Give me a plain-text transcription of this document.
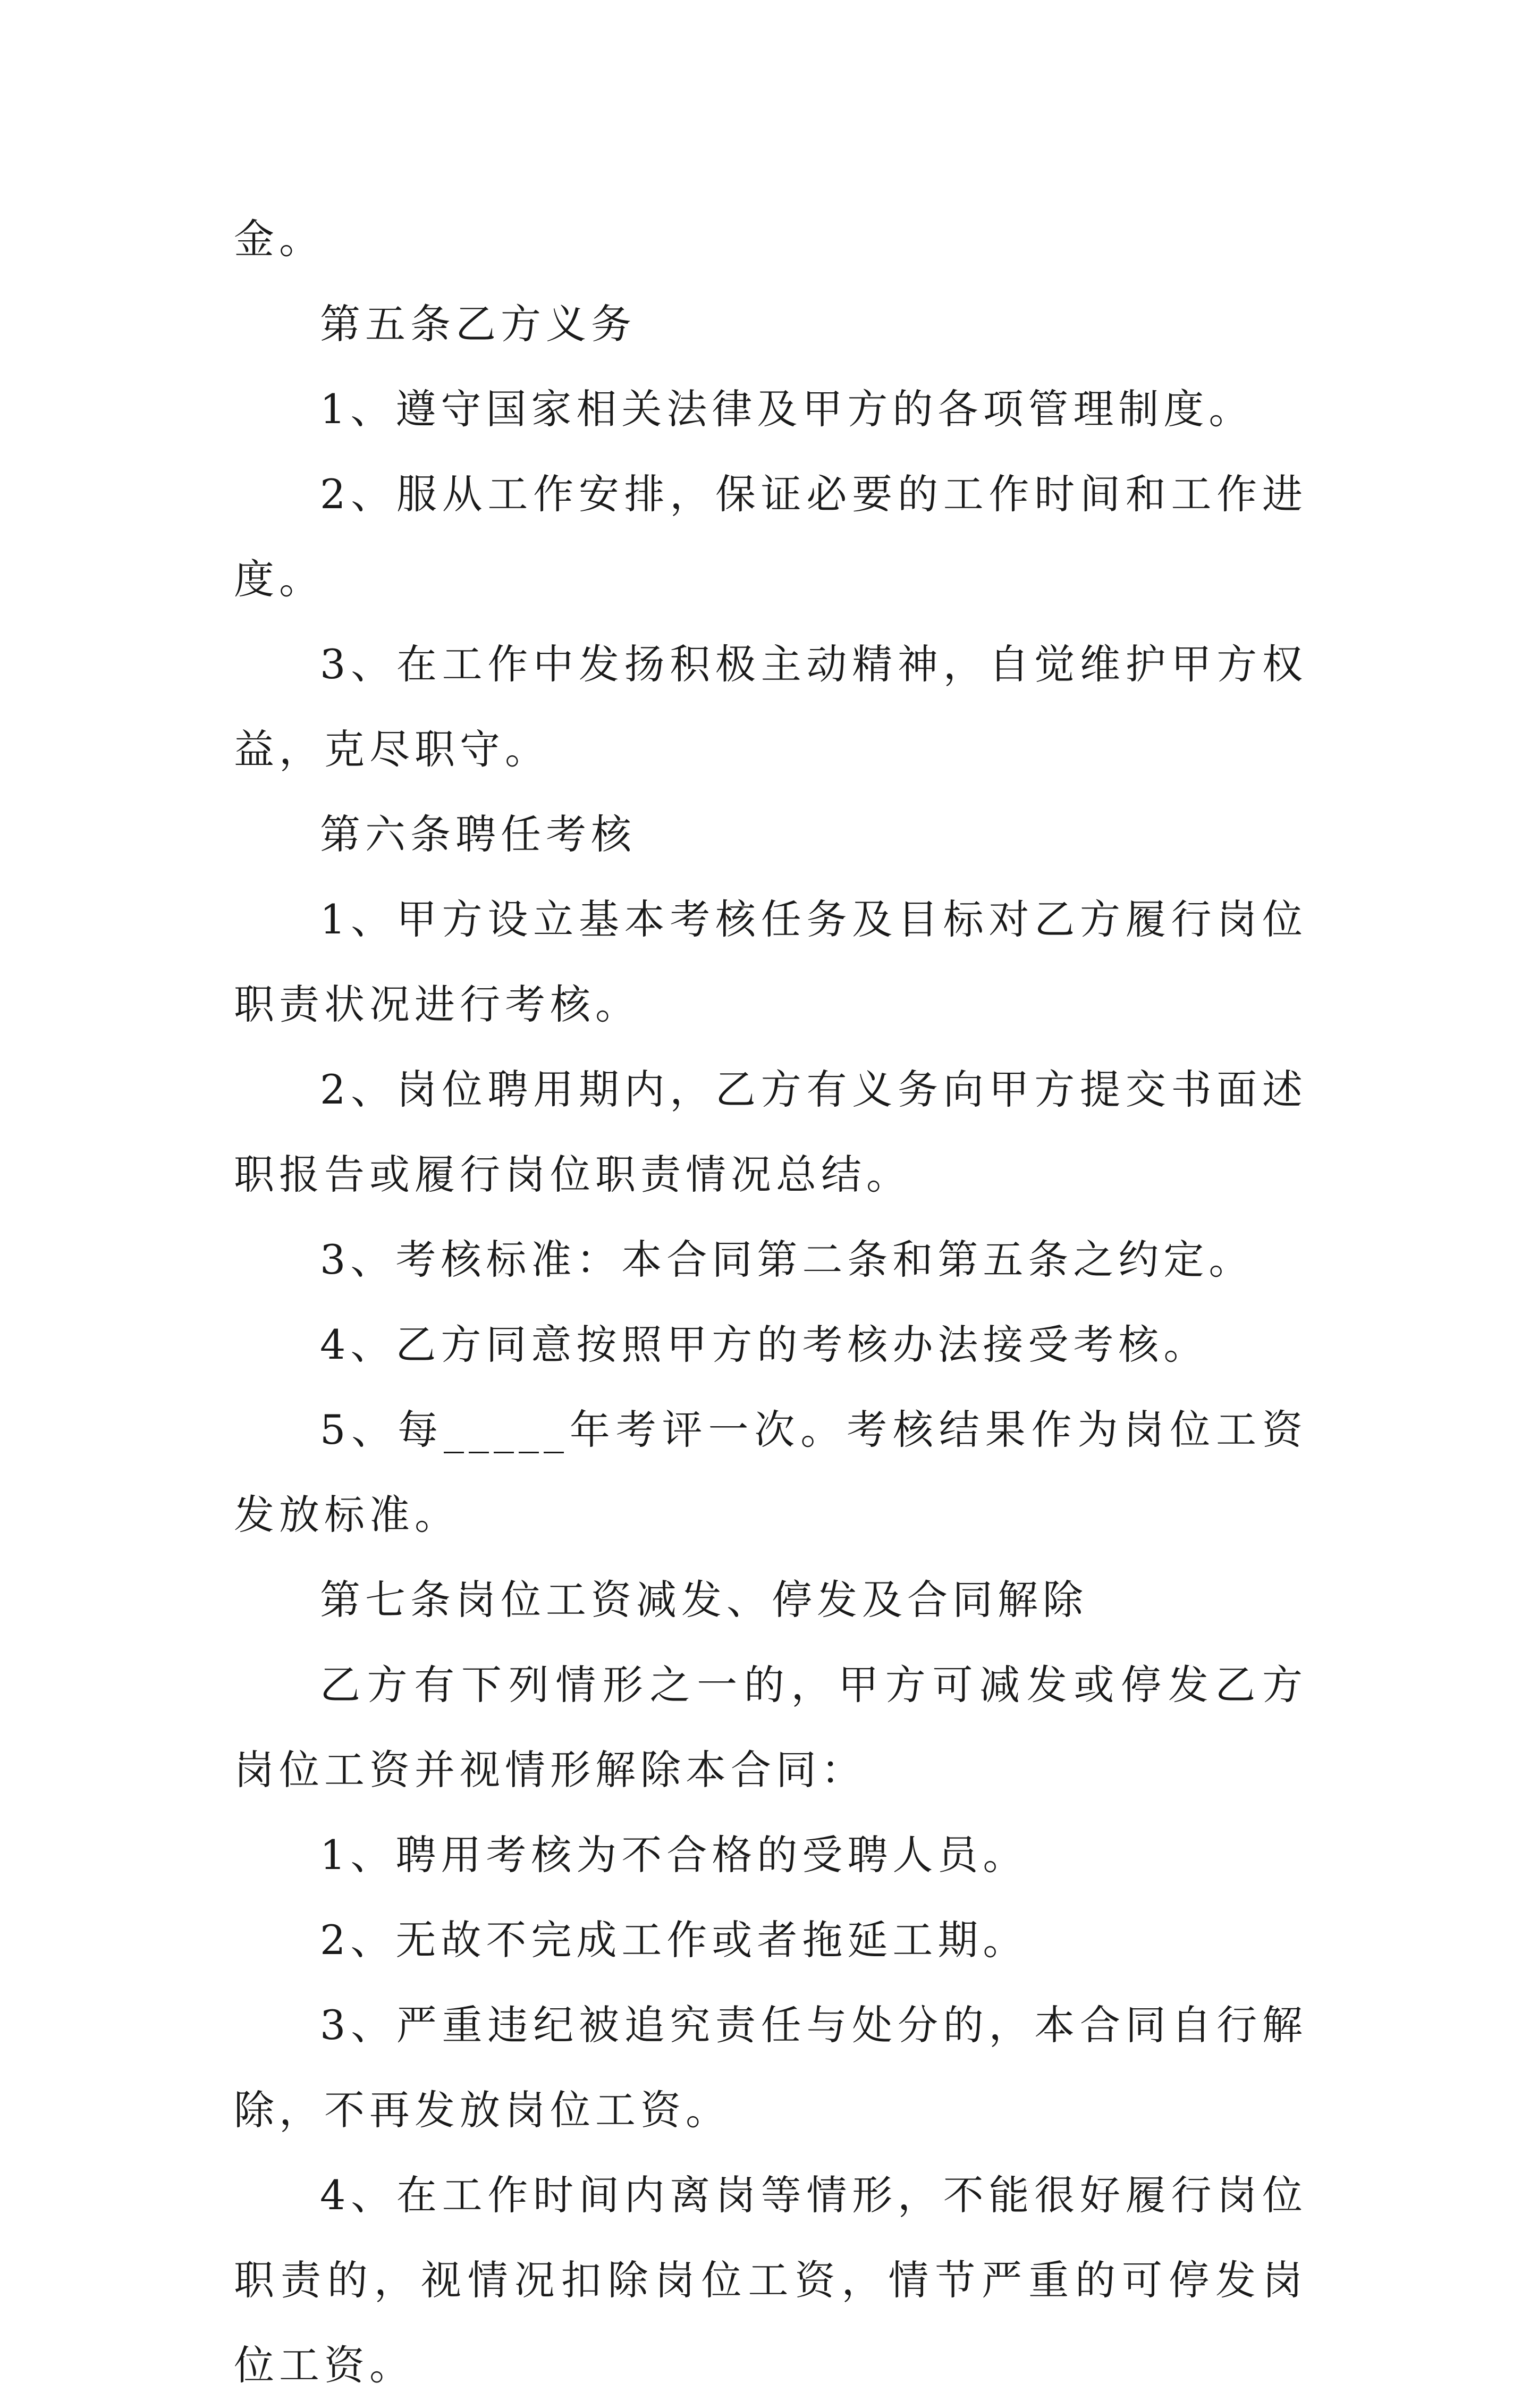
金。

第五条乙方义务

1、遵守国家相关法律及甲方的各项管理制度。

2、服从工作安排，保证必要的工作时间和工作进度。

3、在工作中发扬积极主动精神，自觉维护甲方权益，克尽职守。

第六条聘任考核

1、甲方设立基本考核任务及目标对乙方履行岗位职责状况进行考核。

2、岗位聘用期内，乙方有义务向甲方提交书面述职报告或履行岗位职责情况总结。

3、考核标准：本合同第二条和第五条之约定。

4、乙方同意按照甲方的考核办法接受考核。

5、每_____年考评一次。考核结果作为岗位工资发放标准。

第七条岗位工资减发、停发及合同解除

乙方有下列情形之一的，甲方可减发或停发乙方岗位工资并视情形解除本合同：

1、聘用考核为不合格的受聘人员。

2、无故不完成工作或者拖延工期。

3、严重违纪被追究责任与处分的，本合同自行解除，不再发放岗位工资。

4、在工作时间内离岗等情形，不能很好履行岗位职责的，视情况扣除岗位工资，情节严重的可停发岗位工资。
